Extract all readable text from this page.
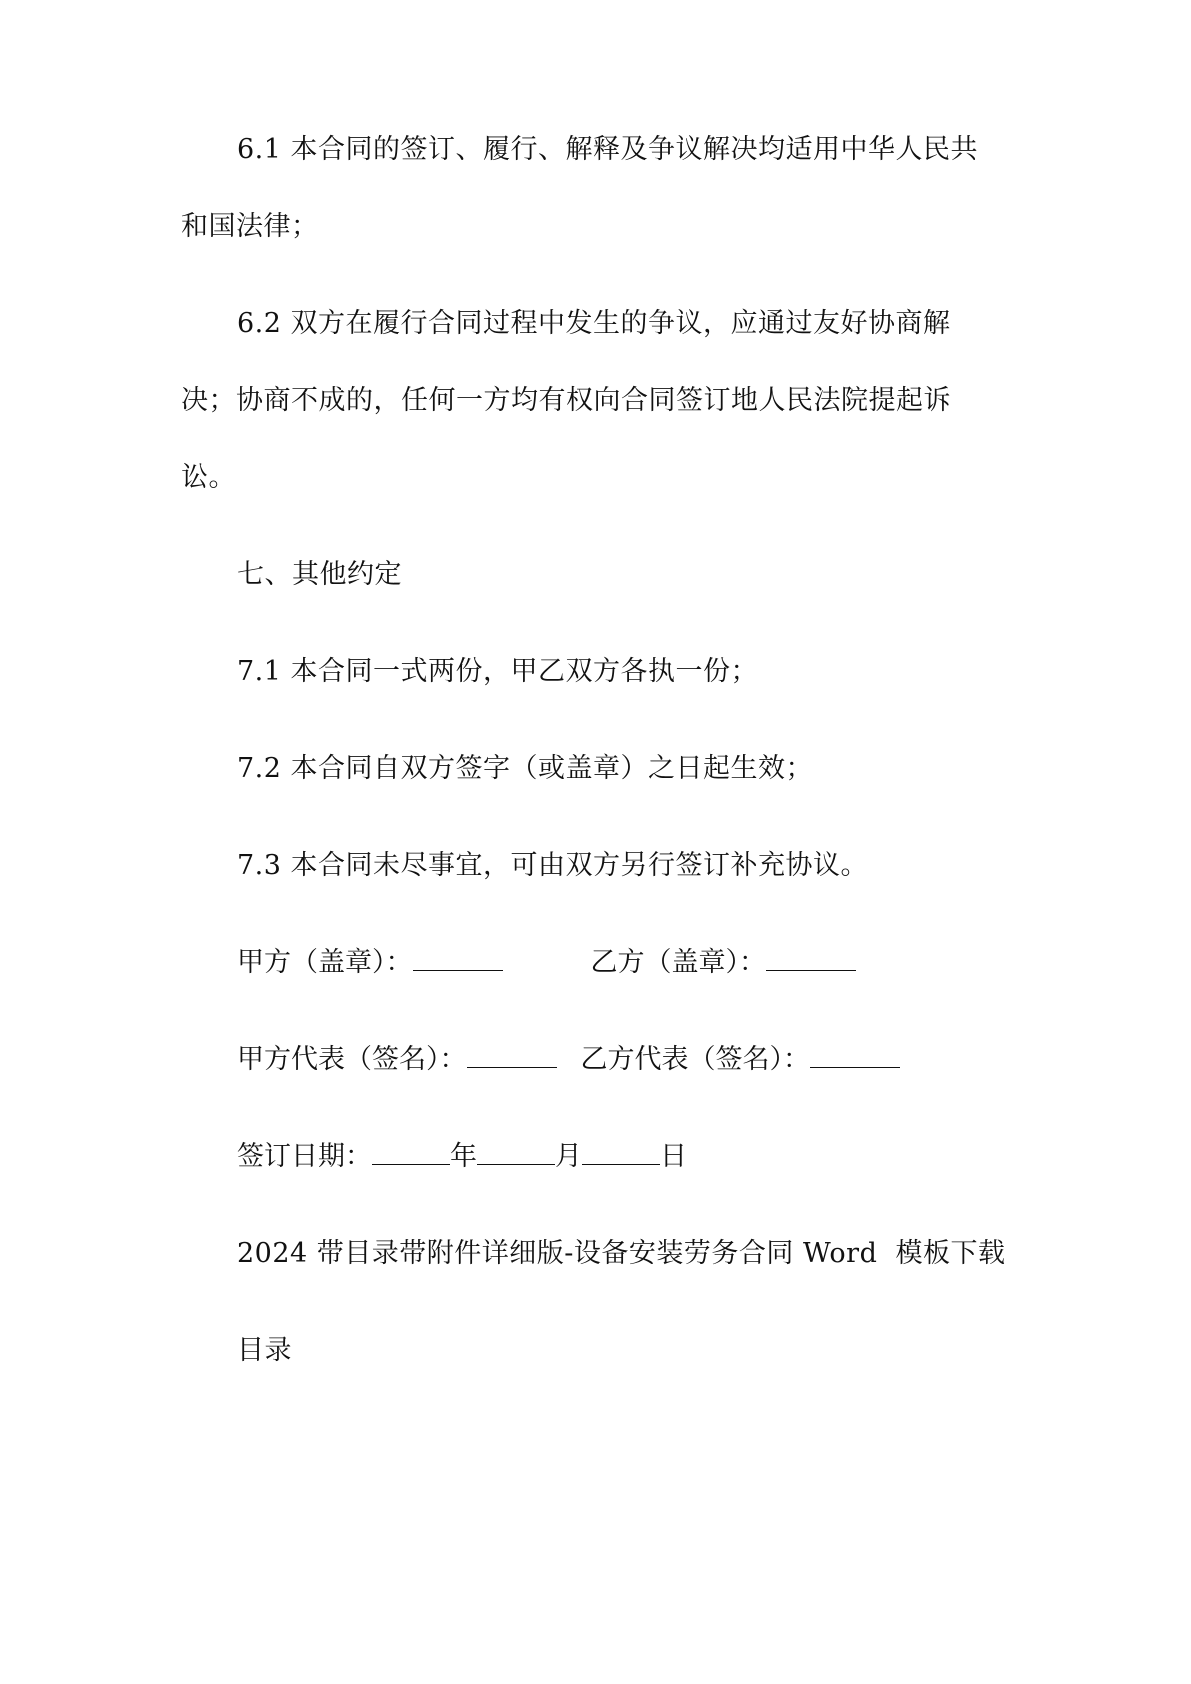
6.1 本合同的签订、履行、解释及争议解决均适用中华人民共
和国法律；
6.2 双方在履行合同过程中发生的争议，应通过友好协商解
决；协商不成的，任何一方均有权向合同签订地人民法院提起诉
讼。
七、其他约定
7.1 本合同一式两份，甲乙双方各执一份；
7.2 本合同自双方签字（或盖章）之日起生效；
7.3 本合同未尽事宜，可由双方另行签订补充协议。
甲方（盖章）：	乙方（盖章）：
甲方代表（签名）：	乙方代表（签名）：
签订日期：	年	月	日
2024 带目录带附件详细版-设备安装劳务合同 Word  模板下载
目录
